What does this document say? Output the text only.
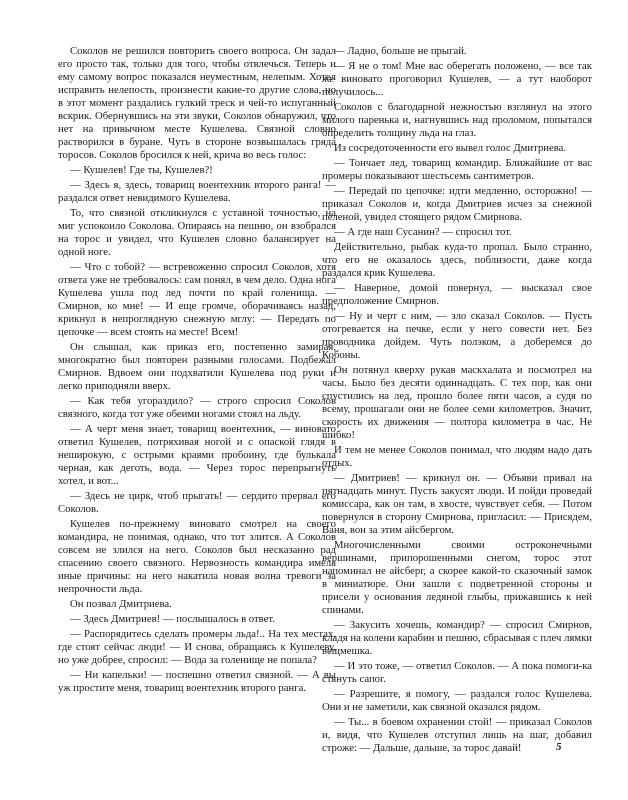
Соколов не решился повторить своего вопроса. Он задал его просто так, только для того, чтобы отвлечься. Теперь и ему самому вопрос показался неуместным, нелепым. Хотел исправить нелепость, произнести какие-то другие слова, но в этот момент раздались гулкий треск и чей-то испуганный вскрик. Обернувшись на эти звуки, Соколов обнаружил, что нет на привычном месте Кушелева. Связной словно растворился в буране. Чуть в стороне возвышалась гряда торосов. Соколов бросился к ней, крича во весь голос:

— Кушелев! Где ты, Кушелев?!

— Здесь я, здесь, товарищ воентехник второго ранга! — раздался ответ невидимого Кушелева.

То, что связной откликнулся с уставной точностью, на миг успокоило Соколова. Опираясь на пешню, он взобрался на торос и увидел, что Кушелев словно балансирует на одной ноге.

— Что с тобой? — встревоженно спросил Соколов, хотя ответа уже не требовалось: сам понял, в чем дело. Одна нога Кушелева ушла под лед почти по край голенища. — Смирнов, ко мне! — И еще громче, оборачиваясь назад, крикнул в непроглядную снежную мглу: — Передать по цепочке — всем стоять на месте! Всем!

Он слышал, как приказ его, постепенно замирая, многократно был повторен разными голосами. Подбежал Смирнов. Вдвоем они подхватили Кушелева под руки и легко приподняли вверх.

— Как тебя угораздило? — строго спросил Соколов связного, когда тот уже обеими ногами стоял на льду.

— А черт меня знает, товарищ воентехник, — виновато ответил Кушелев, потряхивая ногой и с опаской глядя в неширокую, с острыми краями пробоину, где булькала черная, как деготь, вода. — Через торос перепрыгнуть хотел, и вот...

— Здесь не цирк, чтоб прыгать! — сердито прервал его Соколов.

Кушелев по-прежнему виновато смотрел на своего командира, не понимая, однако, что тот злится. А Соколов совсем не злился на него. Соколов был несказанно рад спасению своего связного. Нервозность командира имела иные причины: на него накатила новая волна тревоги за непрочности льда.

Он позвал Дмитриева.

— Здесь Дмитриев! — послышалось в ответ.

— Распорядитесь сделать промеры льда!.. На тех местах, где стоят сейчас люди! — И снова, обращаясь к Кушелеву, но уже добрее, спросил: — Вода за голенище не попала?

— Ни капельки! — поспешно ответил связной. — А вы уж простите меня, товарищ воентехник второго ранга.

— Ладно, больше не прыгай.

— Я не о том! Мне вас оберегать положено, — все так же виновато проговорил Кушелев, — а тут наоборот получилось...

Соколов с благодарной нежностью взглянул на этого милого паренька и, нагнувшись над проломом, попытался определить толщину льда на глаз.

Из сосредоточенности его вывел голос Дмитриева.

— Тончает лед, товарищ командир. Ближайшие от вас промеры показывают шестьсемь сантиметров.

— Передай по цепочке: идти медленно, осторожно! — приказал Соколов и, когда Дмитриев исчез за снежной пеленой, увидел стоящего рядом Смирнова.

— А где наш Сусанин? — спросил тот.

Действительно, рыбак куда-то пропал. Было странно, что его не оказалось здесь, поблизости, даже когда раздался крик Кушелева.

— Наверное, домой повернул, — высказал свое предположение Смирнов.

— Ну и черт с ним, — зло сказал Соколов. — Пусть отогревается на печке, если у него совести нет. Без проводника дойдем. Чуть полэком, а доберемся до Кобоны.

Он потянул кверху рукав маскхалата и посмотрел на часы. Было без десяти одиннадцать. С тех пор, как они спустились на лед, прошло более пяти часов, а судя по всему, прошагали они не более семи километров. Значит, скорость их движения — полтора километра в час. Не шибко!

И тем не менее Соколов понимал, что людям надо дать отдых.

— Дмитриев! — крикнул он. — Объяви привал на пятнадцать минут. Пусть закусят люди. И пойди проведай комиссара, как он там, в хвосте, чувствует себя. — Потом повернулся в сторону Смирнова, пригласил: — Присядем, Ваня, вон за этим айсбергом.

Многочисленными своими остроконечными вершинами, припорошенными снегом, торос этот напоминал не айсберг, а скорее какой-то сказочный замок в миниатюре. Они зашли с подветренной стороны и присели у основания ледяной глыбы, прижавшись к ней спинами.

— Закусить хочешь, командир? — спросил Смирнов, кладя на колени карабин и пешню, сбрасывая с плеч лямки вещмешка.

— И это тоже, — ответил Соколов. — А пока помоги-ка стянуть сапог.

— Разрешите, я помогу, — раздался голос Кушелева. Они и не заметили, как связной оказался рядом.

— Ты... в боевом охранении стой! — приказал Соколов и, видя, что Кушелев отступил лишь на шаг, добавил строже: — Дальше, дальше, за торос давай!	5
